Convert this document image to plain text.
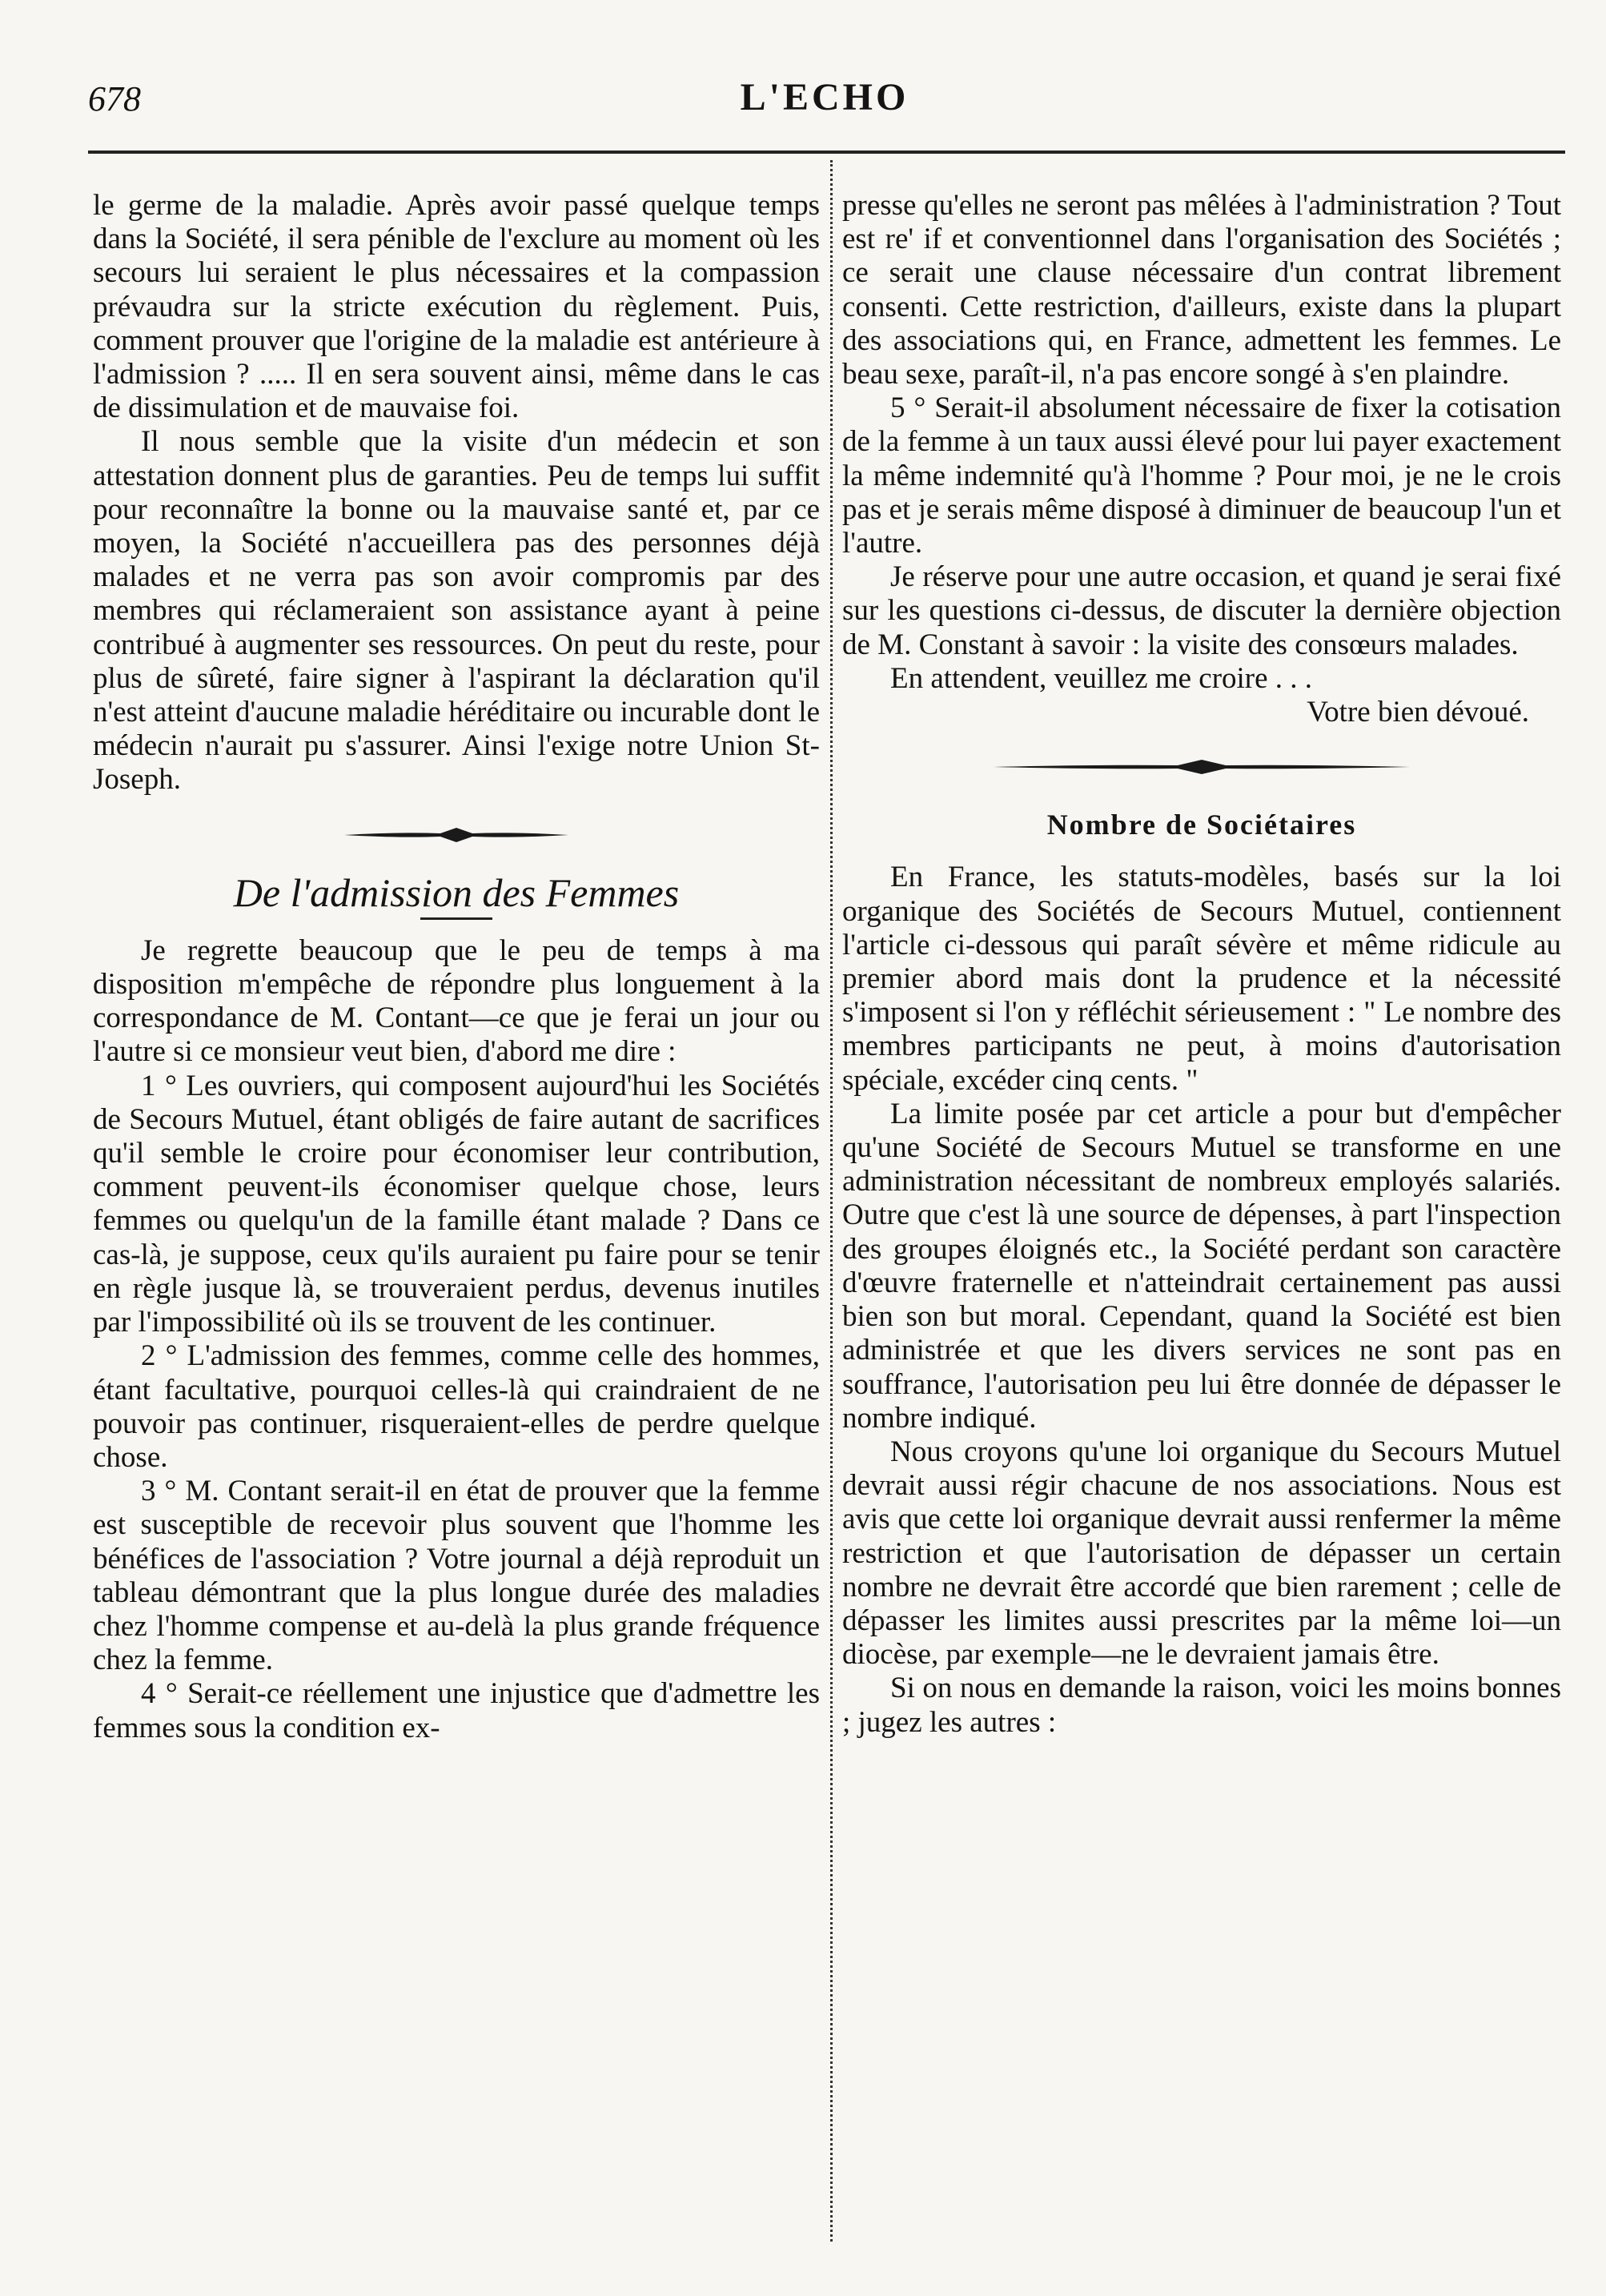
678	L'ECHO

le germe de la maladie. Après avoir passé quelque temps dans la Société, il sera pénible de l'exclure au moment où les secours lui seraient le plus nécessaires et la compassion prévaudra sur la stricte exécution du règlement. Puis, comment prouver que l'origine de la maladie est antérieure à l'admission ? ..... Il en sera souvent ainsi, même dans le cas de dissimulation et de mauvaise foi.

Il nous semble que la visite d'un médecin et son attestation donnent plus de garanties. Peu de temps lui suffit pour reconnaître la bonne ou la mauvaise santé et, par ce moyen, la Société n'accueillera pas des personnes déjà malades et ne verra pas son avoir compromis par des membres qui réclameraient son assistance ayant à peine contribué à augmenter ses ressources. On peut du reste, pour plus de sûreté, faire signer à l'aspirant la déclaration qu'il n'est atteint d'aucune maladie héréditaire ou incurable dont le médecin n'aurait pu s'assurer. Ainsi l'exige notre Union St-Joseph.

De l'admission des Femmes

Je regrette beaucoup que le peu de temps à ma disposition m'empêche de répondre plus longuement à la correspondance de M. Contant—ce que je ferai un jour ou l'autre si ce monsieur veut bien, d'abord me dire :

1 ° Les ouvriers, qui composent aujourd'hui les Sociétés de Secours Mutuel, étant obligés de faire autant de sacrifices qu'il semble le croire pour économiser leur contribution, comment peuvent-ils économiser quelque chose, leurs femmes ou quelqu'un de la famille étant malade ? Dans ce cas-là, je suppose, ceux qu'ils auraient pu faire pour se tenir en règle jusque là, se trouveraient perdus, devenus inutiles par l'impossibilité où ils se trouvent de les continuer.

2 ° L'admission des femmes, comme celle des hommes, étant facultative, pourquoi celles-là qui craindraient de ne pouvoir pas continuer, risqueraient-elles de perdre quelque chose.

3 ° M. Contant serait-il en état de prouver que la femme est susceptible de recevoir plus souvent que l'homme les bénéfices de l'association ? Votre journal a déjà reproduit un tableau démontrant que la plus longue durée des maladies chez l'homme compense et au-delà la plus grande fréquence chez la femme.

4 ° Serait-ce réellement une injustice que d'admettre les femmes sous la condition ex-

presse qu'elles ne seront pas mêlées à l'administration ? Tout est re' if et conventionnel dans l'organisation des Sociétés ; ce serait une clause nécessaire d'un contrat librement consenti. Cette restriction, d'ailleurs, existe dans la plupart des associations qui, en France, admettent les femmes. Le beau sexe, paraît-il, n'a pas encore songé à s'en plaindre.

5 ° Serait-il absolument nécessaire de fixer la cotisation de la femme à un taux aussi élevé pour lui payer exactement la même indemnité qu'à l'homme ? Pour moi, je ne le crois pas et je serais même disposé à diminuer de beaucoup l'un et l'autre.

Je réserve pour une autre occasion, et quand je serai fixé sur les questions ci-dessus, de discuter la dernière objection de M. Constant à savoir : la visite des consœurs malades.

En attendent, veuillez me croire . . .

Votre bien dévoué.

Nombre de Sociétaires

En France, les statuts-modèles, basés sur la loi organique des Sociétés de Secours Mutuel, contiennent l'article ci-dessous qui paraît sévère et même ridicule au premier abord mais dont la prudence et la nécessité s'imposent si l'on y réfléchit sérieusement : " Le nombre des membres participants ne peut, à moins d'autorisation spéciale, excéder cinq cents. "

La limite posée par cet article a pour but d'empêcher qu'une Société de Secours Mutuel se transforme en une administration nécessitant de nombreux employés salariés. Outre que c'est là une source de dépenses, à part l'inspection des groupes éloignés etc., la Société perdant son caractère d'œuvre fraternelle et n'atteindrait certainement pas aussi bien son but moral. Cependant, quand la Société est bien administrée et que les divers services ne sont pas en souffrance, l'autorisation peu lui être donnée de dépasser le nombre indiqué.

Nous croyons qu'une loi organique du Secours Mutuel devrait aussi régir chacune de nos associations. Nous est avis que cette loi organique devrait aussi renfermer la même restriction et que l'autorisation de dépasser un certain nombre ne devrait être accordé que bien rarement ; celle de dépasser les limites aussi prescrites par la même loi—un diocèse, par exemple—ne le devraient jamais être.

Si on nous en demande la raison, voici les moins bonnes ; jugez les autres :
